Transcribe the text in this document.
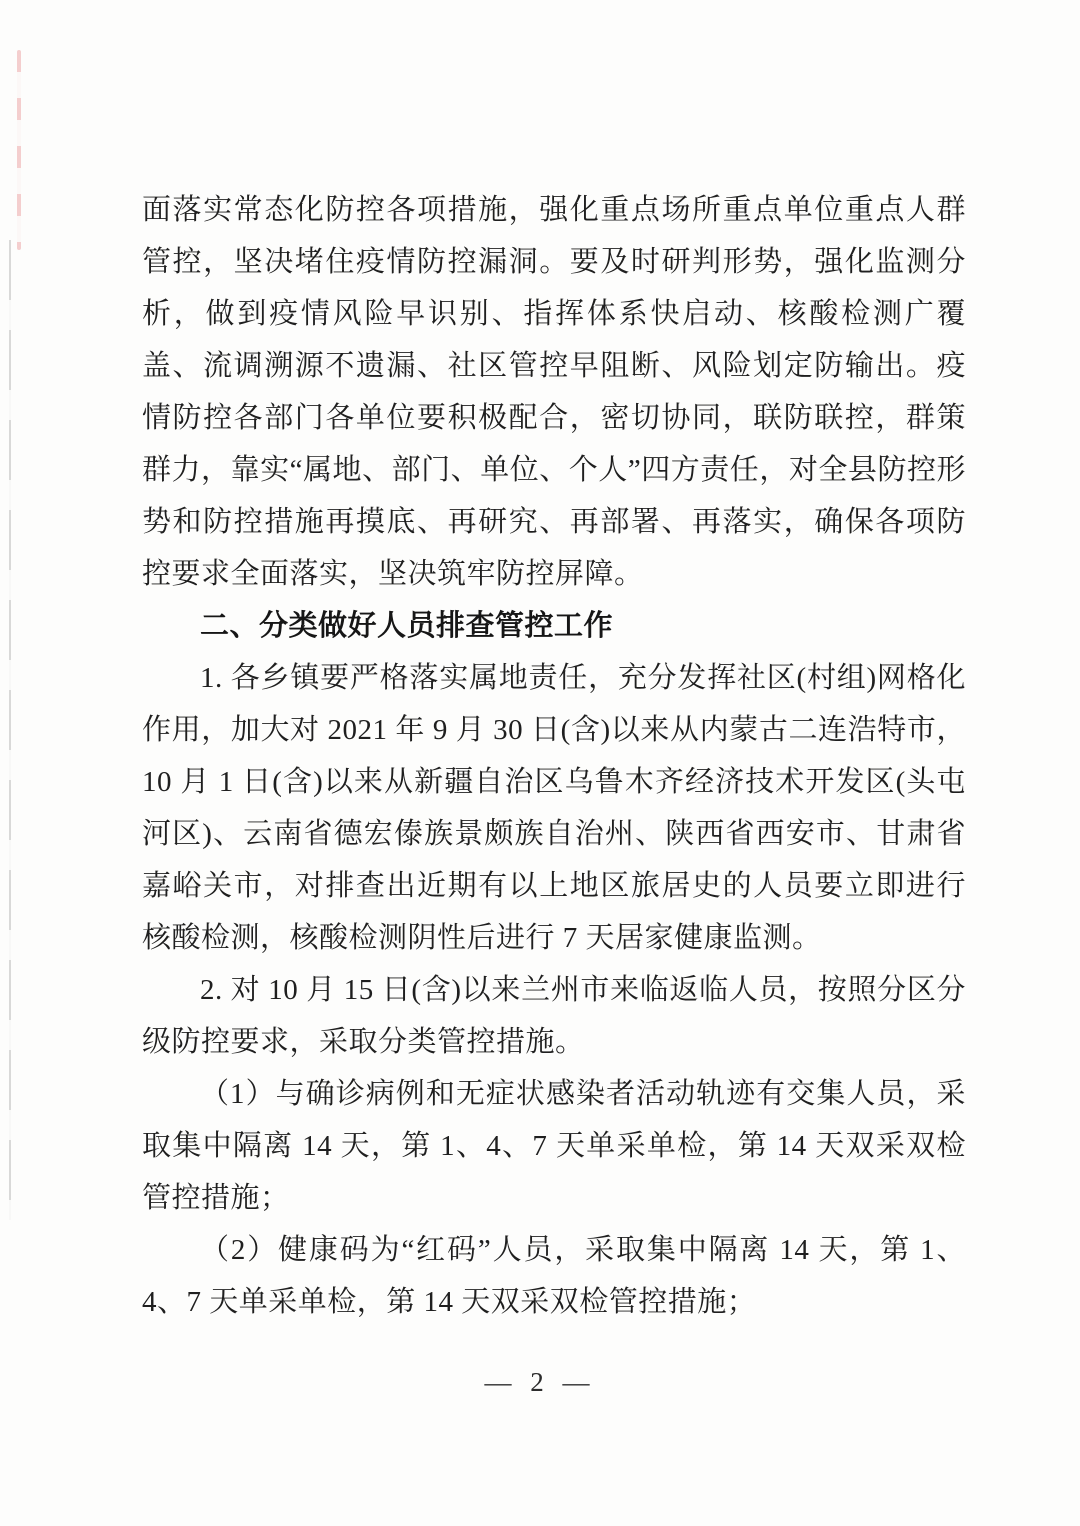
面落实常态化防控各项措施，强化重点场所重点单位重点人群管控，坚决堵住疫情防控漏洞。要及时研判形势，强化监测分析，做到疫情风险早识别、指挥体系快启动、核酸检测广覆盖、流调溯源不遗漏、社区管控早阻断、风险划定防输出。疫情防控各部门各单位要积极配合，密切协同，联防联控，群策群力，靠实“属地、部门、单位、个人”四方责任，对全县防控形势和防控措施再摸底、再研究、再部署、再落实，确保各项防控要求全面落实，坚决筑牢防控屏障。

二、分类做好人员排查管控工作

1. 各乡镇要严格落实属地责任，充分发挥社区(村组)网格化作用，加大对 2021 年 9 月 30 日(含)以来从内蒙古二连浩特市，10 月 1 日(含)以来从新疆自治区乌鲁木齐经济技术开发区(头屯河区)、云南省德宏傣族景颇族自治州、陕西省西安市、甘肃省嘉峪关市，对排查出近期有以上地区旅居史的人员要立即进行核酸检测，核酸检测阴性后进行 7 天居家健康监测。

2. 对 10 月 15 日(含)以来兰州市来临返临人员，按照分区分级防控要求，采取分类管控措施。

（1）与确诊病例和无症状感染者活动轨迹有交集人员，采取集中隔离 14 天，第 1、4、7 天单采单检，第 14 天双采双检管控措施；

（2）健康码为“红码”人员，采取集中隔离 14 天，第 1、4、7 天单采单检，第 14 天双采双检管控措施；

— 2 —
